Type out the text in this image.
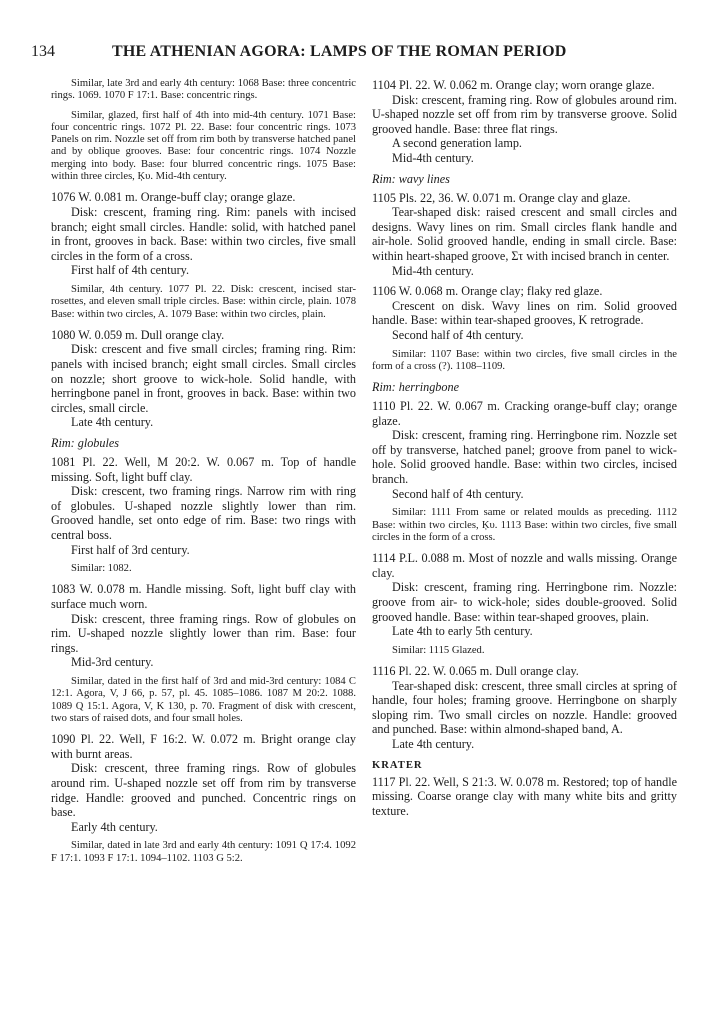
134	THE ATHENIAN AGORA: LAMPS OF THE ROMAN PERIOD

Similar, late 3rd and early 4th century: 1068 Base: three concentric rings. 1069. 1070 F 17:1. Base: concentric rings.

Similar, glazed, first half of 4th into mid-4th century. 1071 Base: four concentric rings. 1072 Pl. 22. Base: four concentric rings. 1073 Panels on rim. Nozzle set off from rim both by transverse hatched panel and by oblique grooves. Base: four concentric rings. 1074 Nozzle merging into body. Base: four blurred concentric rings. 1075 Base: within three circles, Ķυ. Mid-4th century.

1076 W. 0.081 m. Orange-buff clay; orange glaze.

Disk: crescent, framing ring. Rim: panels with incised branch; eight small circles. Handle: solid, with hatched panel in front, grooves in back. Base: within two circles, five small circles in the form of a cross.

First half of 4th century.

Similar, 4th century. 1077 Pl. 22. Disk: crescent, incised star-rosettes, and eleven small triple circles. Base: within circle, plain. 1078 Base: within two circles, A. 1079 Base: within two circles, plain.

1080 W. 0.059 m. Dull orange clay.

Disk: crescent and five small circles; framing ring. Rim: panels with incised branch; eight small circles. Small circles on nozzle; short groove to wick-hole. Solid handle, with herringbone panel in front, grooves in back. Base: within two circles, small circle.

Late 4th century.

Rim: globules

1081 Pl. 22. Well, M 20:2. W. 0.067 m. Top of handle missing. Soft, light buff clay.

Disk: crescent, two framing rings. Narrow rim with ring of globules. U-shaped nozzle slightly lower than rim. Grooved handle, set onto edge of rim. Base: two rings with central boss.

First half of 3rd century.

Similar: 1082.

1083 W. 0.078 m. Handle missing. Soft, light buff clay with surface much worn.

Disk: crescent, three framing rings. Row of globules on rim. U-shaped nozzle slightly lower than rim. Base: four rings.

Mid-3rd century.

Similar, dated in the first half of 3rd and mid-3rd century: 1084 C 12:1. Agora, V, J 66, p. 57, pl. 45. 1085–1086. 1087 M 20:2. 1088. 1089 Q 15:1. Agora, V, K 130, p. 70. Fragment of disk with crescent, two stars of raised dots, and four small holes.

1090 Pl. 22. Well, F 16:2. W. 0.072 m. Bright orange clay with burnt areas.

Disk: crescent, three framing rings. Row of globules around rim. U-shaped nozzle set off from rim by transverse ridge. Handle: grooved and punched. Concentric rings on base.

Early 4th century.

Similar, dated in late 3rd and early 4th century: 1091 Q 17:4. 1092 F 17:1. 1093 F 17:1. 1094–1102. 1103 G 5:2.

1104 Pl. 22. W. 0.062 m. Orange clay; worn orange glaze.

Disk: crescent, framing ring. Row of globules around rim. U-shaped nozzle set off from rim by transverse groove. Solid grooved handle. Base: three flat rings.

A second generation lamp.

Mid-4th century.

Rim: wavy lines

1105 Pls. 22, 36. W. 0.071 m. Orange clay and glaze.

Tear-shaped disk: raised crescent and small circles and designs. Wavy lines on rim. Small circles flank handle and air-hole. Solid grooved handle, ending in small circle. Base: within heart-shaped groove, Στ with incised branch in center.

Mid-4th century.

1106 W. 0.068 m. Orange clay; flaky red glaze.

Crescent on disk. Wavy lines on rim. Solid grooved handle. Base: within tear-shaped grooves, K retrograde.

Second half of 4th century.

Similar: 1107 Base: within two circles, five small circles in the form of a cross (?). 1108–1109.

Rim: herringbone

1110 Pl. 22. W. 0.067 m. Cracking orange-buff clay; orange glaze.

Disk: crescent, framing ring. Herringbone rim. Nozzle set off by transverse, hatched panel; groove from panel to wick-hole. Solid grooved handle. Base: within two circles, incised branch.

Second half of 4th century.

Similar: 1111 From same or related moulds as preceding. 1112 Base: within two circles, Ķυ. 1113 Base: within two circles, five small circles in the form of a cross.

1114 P.L. 0.088 m. Most of nozzle and walls missing. Orange clay.

Disk: crescent, framing ring. Herringbone rim. Nozzle: groove from air- to wick-hole; sides double-grooved. Solid grooved handle. Base: within tear-shaped grooves, plain.

Late 4th to early 5th century.

Similar: 1115 Glazed.

1116 Pl. 22. W. 0.065 m. Dull orange clay.

Tear-shaped disk: crescent, three small circles at spring of handle, four holes; framing groove. Herringbone on sharply sloping rim. Two small circles on nozzle. Handle: grooved and punched. Base: within almond-shaped band, A.

Late 4th century.

KRATER

1117 Pl. 22. Well, S 21:3. W. 0.078 m. Restored; top of handle missing. Coarse orange clay with many white bits and gritty texture.
